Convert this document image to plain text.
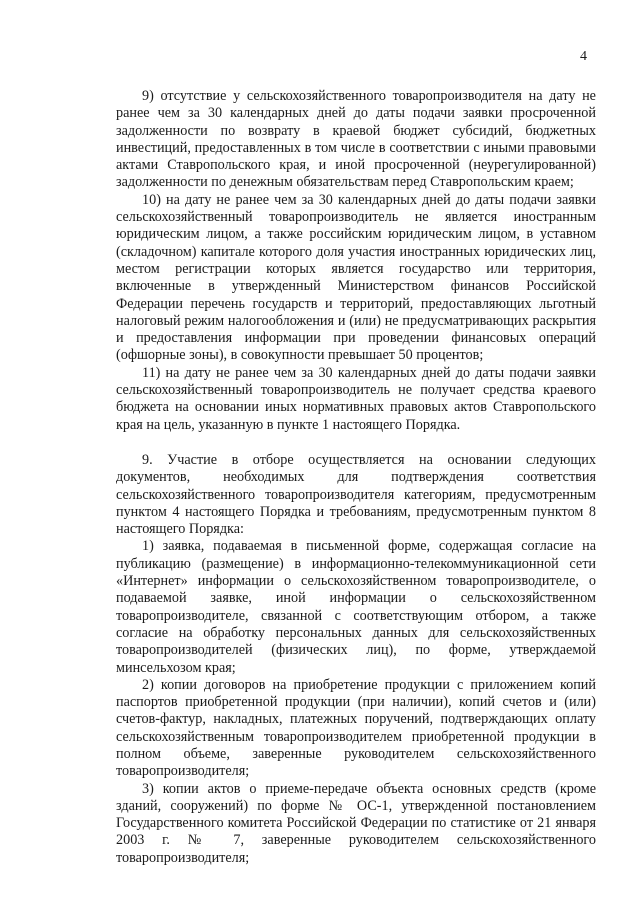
4

9) отсутствие у сельскохозяйственного товаропроизводителя на дату не ранее чем за 30 календарных дней до даты подачи заявки просроченной задолженности по возврату в краевой бюджет субсидий, бюджетных инвестиций, предоставленных в том числе в соответствии с иными правовыми актами Ставропольского края, и иной просроченной (неурегулированной) задолженности по денежным обязательствам перед Ставропольским краем;

10) на дату не ранее чем за 30 календарных дней до даты подачи заявки сельскохозяйственный товаропроизводитель не является иностранным юридическим лицом, а также российским юридическим лицом, в уставном (складочном) капитале которого доля участия иностранных юридических лиц, местом регистрации которых является государство или территория, включенные в утвержденный Министерством финансов Российской Федерации перечень государств и территорий, предоставляющих льготный налоговый режим налогообложения и (или) не предусматривающих раскрытия и предоставления информации при проведении финансовых операций (офшорные зоны), в совокупности превышает 50 процентов;

11) на дату не ранее чем за 30 календарных дней до даты подачи заявки сельскохозяйственный товаропроизводитель не получает средства краевого бюджета на основании иных нормативных правовых актов Ставропольского края на цель, указанную в пункте 1 настоящего Порядка.

9. Участие в отборе осуществляется на основании следующих документов, необходимых для подтверждения соответствия сельскохозяйственного товаропроизводителя категориям, предусмотренным пунктом 4 настоящего Порядка и требованиям, предусмотренным пунктом 8 настоящего Порядка:

1) заявка, подаваемая в письменной форме, содержащая согласие на публикацию (размещение) в информационно-телекоммуникационной сети «Интернет» информации о сельскохозяйственном товаропроизводителе, о подаваемой заявке, иной информации о сельскохозяйственном товаропроизводителе, связанной с соответствующим отбором, а также согласие на обработку персональных данных для сельскохозяйственных товаропроизводителей (физических лиц), по форме, утверждаемой минсельхозом края;

2) копии договоров на приобретение продукции с приложением копий паспортов приобретенной продукции (при наличии), копий счетов и (или) счетов-фактур, накладных, платежных поручений, подтверждающих оплату сельскохозяйственным товаропроизводителем приобретенной продукции в полном объеме, заверенные руководителем сельскохозяйственного товаропроизводителя;

3) копии актов о приеме-передаче объекта основных средств (кроме зданий, сооружений) по форме № ОС-1, утвержденной постановлением Государственного комитета Российской Федерации по статистике от 21 января 2003 г. № 7, заверенные руководителем сельскохозяйственного товаропроизводителя;
